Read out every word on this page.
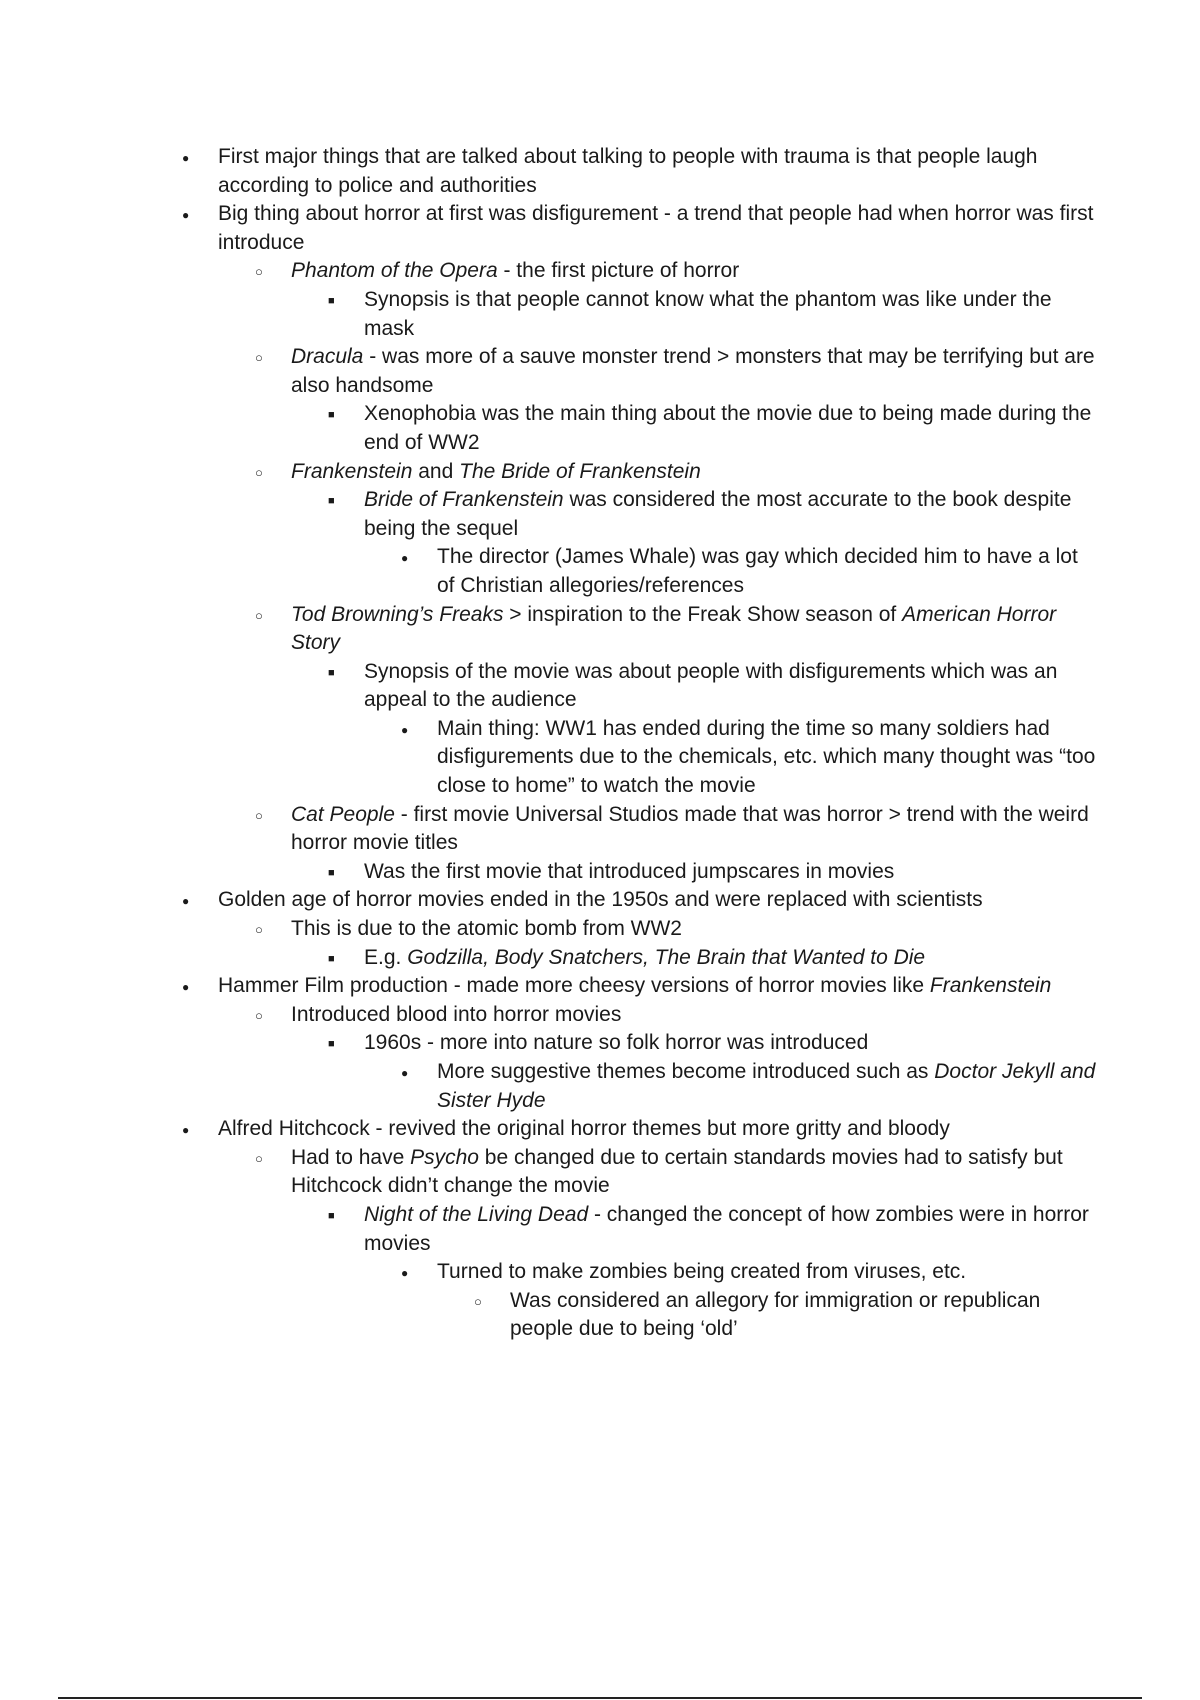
● First major things that are talked about talking to people with trauma is that people laugh according to police and authorities
● Big thing about horror at first was disfigurement - a trend that people had when horror was first introduce
○ Phantom of the Opera - the first picture of horror
■ Synopsis is that people cannot know what the phantom was like under the mask
○ Dracula - was more of a sauve monster trend > monsters that may be terrifying but are also handsome
■ Xenophobia was the main thing about the movie due to being made during the end of WW2
○ Frankenstein and The Bride of Frankenstein
■ Bride of Frankenstein was considered the most accurate to the book despite being the sequel
● The director (James Whale) was gay which decided him to have a lot of Christian allegories/references
○ Tod Browning’s Freaks > inspiration to the Freak Show season of American Horror Story
■ Synopsis of the movie was about people with disfigurements which was an appeal to the audience
● Main thing: WW1 has ended during the time so many soldiers had disfigurements due to the chemicals, etc. which many thought was “too close to home” to watch the movie
○ Cat People - first movie Universal Studios made that was horror > trend with the weird horror movie titles
■ Was the first movie that introduced jumpscares in movies
● Golden age of horror movies ended in the 1950s and were replaced with scientists
○ This is due to the atomic bomb from WW2
■ E.g. Godzilla, Body Snatchers, The Brain that Wanted to Die
● Hammer Film production - made more cheesy versions of horror movies like Frankenstein
○ Introduced blood into horror movies
■ 1960s - more into nature so folk horror was introduced
● More suggestive themes become introduced such as Doctor Jekyll and Sister Hyde
● Alfred Hitchcock - revived the original horror themes but more gritty and bloody
○ Had to have Psycho be changed due to certain standards movies had to satisfy but Hitchcock didn’t change the movie
■ Night of the Living Dead - changed the concept of how zombies were in horror movies
● Turned to make zombies being created from viruses, etc.
○ Was considered an allegory for immigration or republican people due to being ‘old’
